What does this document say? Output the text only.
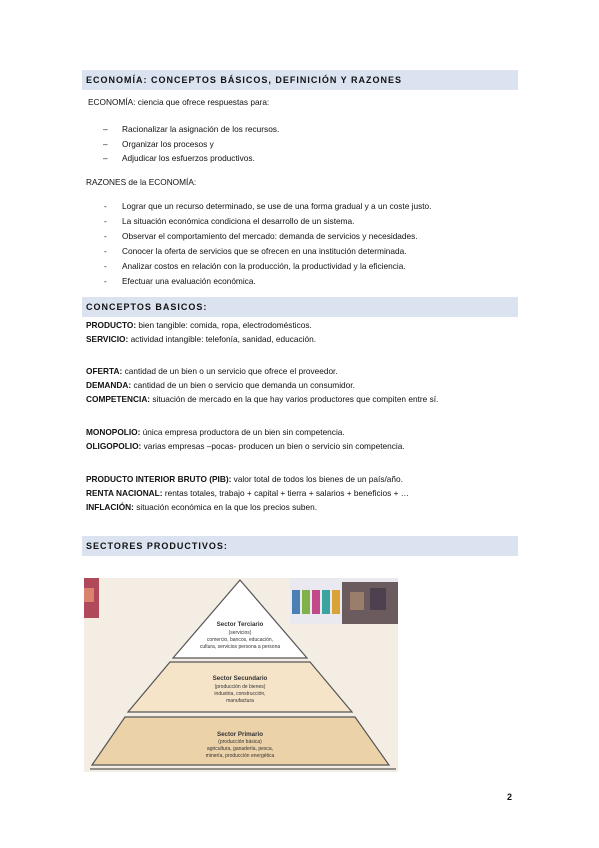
ECONOMÍA: CONCEPTOS BÁSICOS, DEFINICIÓN Y RAZONES
ECONOMÍA: ciencia que ofrece respuestas para:
– Racionalizar la asignación de los recursos.
– Organizar los procesos y
– Adjudicar los esfuerzos productivos.
RAZONES de la ECONOMÍA:
- Lograr que un recurso determinado, se use de una forma gradual y a un coste justo.
- La situación económica condiciona el desarrollo de un sistema.
- Observar el comportamiento del mercado: demanda de servicios y necesidades.
- Conocer la oferta de servicios que se ofrecen en una institución determinada.
- Analizar costos en relación con la producción, la productividad y la eficiencia.
- Efectuar una evaluación económica.
CONCEPTOS BASICOS:
PRODUCTO: bien tangible: comida, ropa, electrodomésticos.
SERVICIO: actividad intangible: telefonía, sanidad, educación.
OFERTA: cantidad de un bien o un servicio que ofrece el proveedor.
DEMANDA: cantidad de un bien o servicio que demanda un consumidor.
COMPETENCIA: situación de mercado en la que hay varios productores que compiten entre sí.
MONOPOLIO: única empresa productora de un bien sin competencia.
OLIGOPOLIO: varias empresas –pocas- producen un bien o servicio sin competencia.
PRODUCTO INTERIOR BRUTO (PIB): valor total de todos los bienes de un país/año.
RENTA NACIONAL: rentas totales, trabajo + capital + tierra + salarios + beneficios + …
INFLACIÓN: situación económica en la que los precios suben.
SECTORES PRODUCTIVOS:
Sector Terciario
(servicios)
comercio, bancos, educación,
cultura, servicios persona a persona
Sector Secundario
(producción de bienes)
industria, construcción,
manufactura
Sector Primario
(producción básica)
agricultura, ganadería, pesca,
minería, producción energética
2
